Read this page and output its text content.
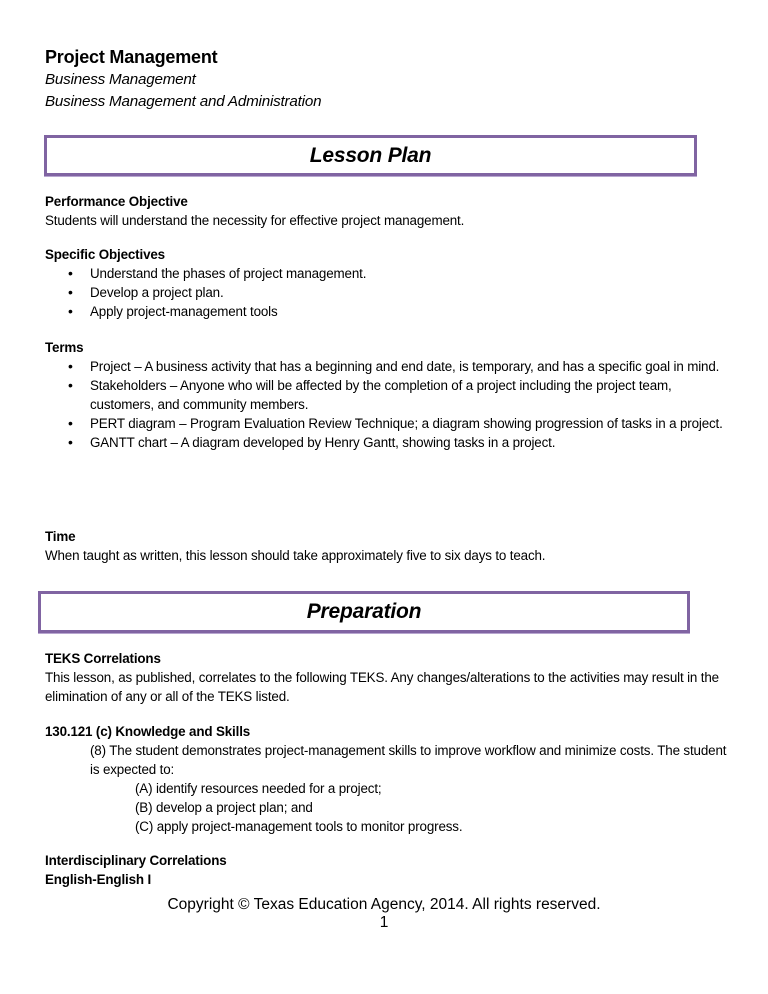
Project Management
Business Management
Business Management and Administration
Lesson Plan
Performance Objective
Students will understand the necessity for effective project management.
Specific Objectives
• Understand the phases of project management.
• Develop a project plan.
• Apply project-management tools
Terms
• Project – A business activity that has a beginning and end date, is temporary, and has a specific goal in mind.
• Stakeholders – Anyone who will be affected by the completion of a project including the project team, customers, and community members.
• PERT diagram – Program Evaluation Review Technique; a diagram showing progression of tasks in a project.
• GANTT chart – A diagram developed by Henry Gantt, showing tasks in a project.
Time
When taught as written, this lesson should take approximately five to six days to teach.
Preparation
TEKS Correlations
This lesson, as published, correlates to the following TEKS. Any changes/alterations to the activities may result in the elimination of any or all of the TEKS listed.
130.121 (c) Knowledge and Skills
(8) The student demonstrates project-management skills to improve workflow and minimize costs. The student is expected to:
(A) identify resources needed for a project;
(B) develop a project plan; and
(C) apply project-management tools to monitor progress.
Interdisciplinary Correlations
English-English I
Copyright © Texas Education Agency, 2014. All rights reserved.
1
